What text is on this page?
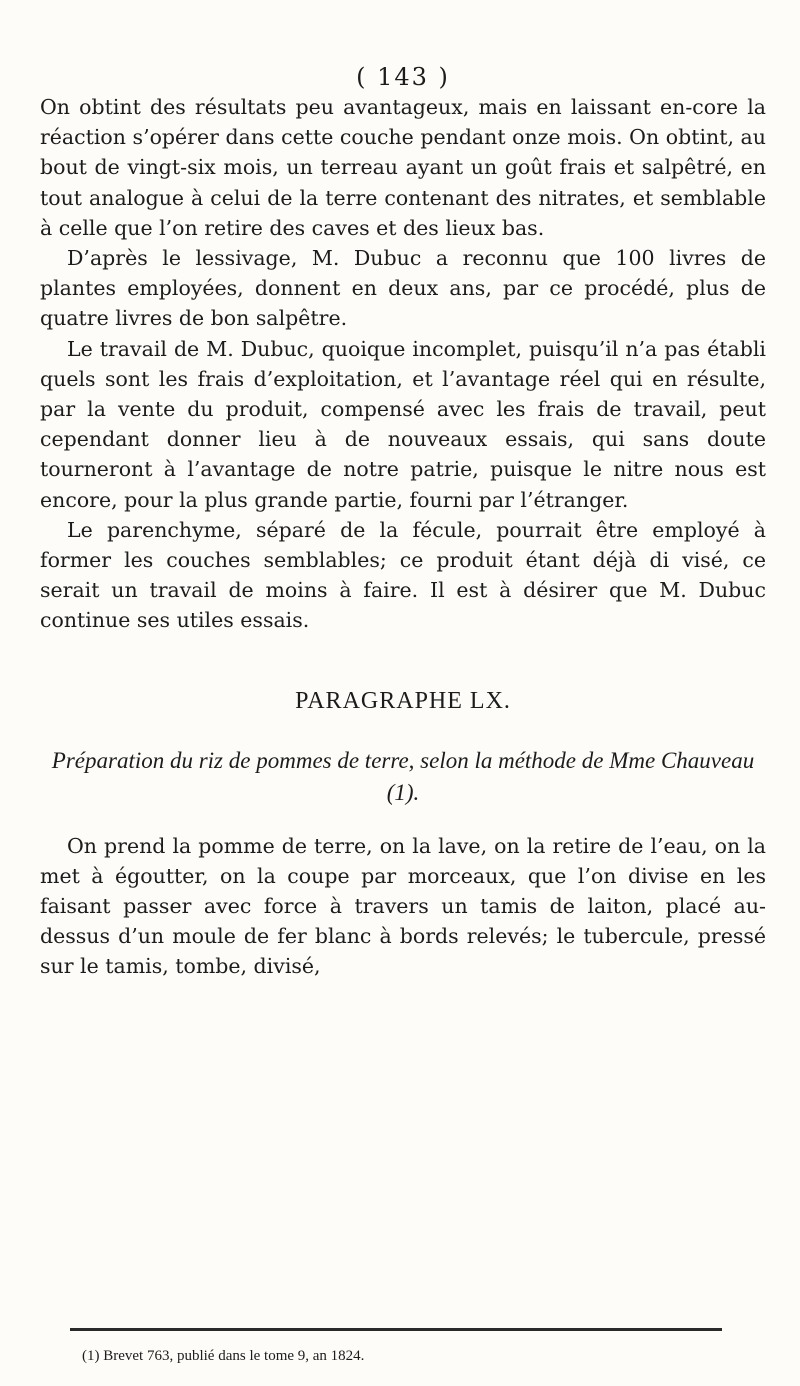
( 143 )

On obtint des résultats peu avantageux, mais en laissant en-core la réaction s’opérer dans cette couche pendant onze mois. On obtint, au bout de vingt-six mois, un terreau ayant un goût frais et salpêtré, en tout analogue à celui de la terre contenant des nitrates, et semblable à celle que l’on retire des caves et des lieux bas.

D’après le lessivage, M. Dubuc a reconnu que 100 livres de plantes employées, donnent en deux ans, par ce procédé, plus de quatre livres de bon salpêtre.

Le travail de M. Dubuc, quoique incomplet, puisqu’il n’a pas établi quels sont les frais d’exploitation, et l’avantage réel qui en résulte, par la vente du produit, compensé avec les frais de travail, peut cependant donner lieu à de nouveaux essais, qui sans doute tourneront à l’avantage de notre patrie, puisque le nitre nous est encore, pour la plus grande partie, fourni par l’étranger.

Le parenchyme, séparé de la fécule, pourrait être employé à former les couches semblables; ce produit étant déjà di visé, ce serait un travail de moins à faire. Il est à désirer que M. Dubuc continue ses utiles essais.

PARAGRAPHE LX.
Préparation du riz de pommes de terre, selon la méthode de Mme Chauveau (1).

On prend la pomme de terre, on la lave, on la retire de l’eau, on la met à égoutter, on la coupe par morceaux, que l’on divise en les faisant passer avec force à travers un tamis de laiton, placé au-dessus d’un moule de fer blanc à bords relevés; le tubercule, pressé sur le tamis, tombe, divisé,

(1) Brevet 763, publié dans le tome 9, an 1824.
